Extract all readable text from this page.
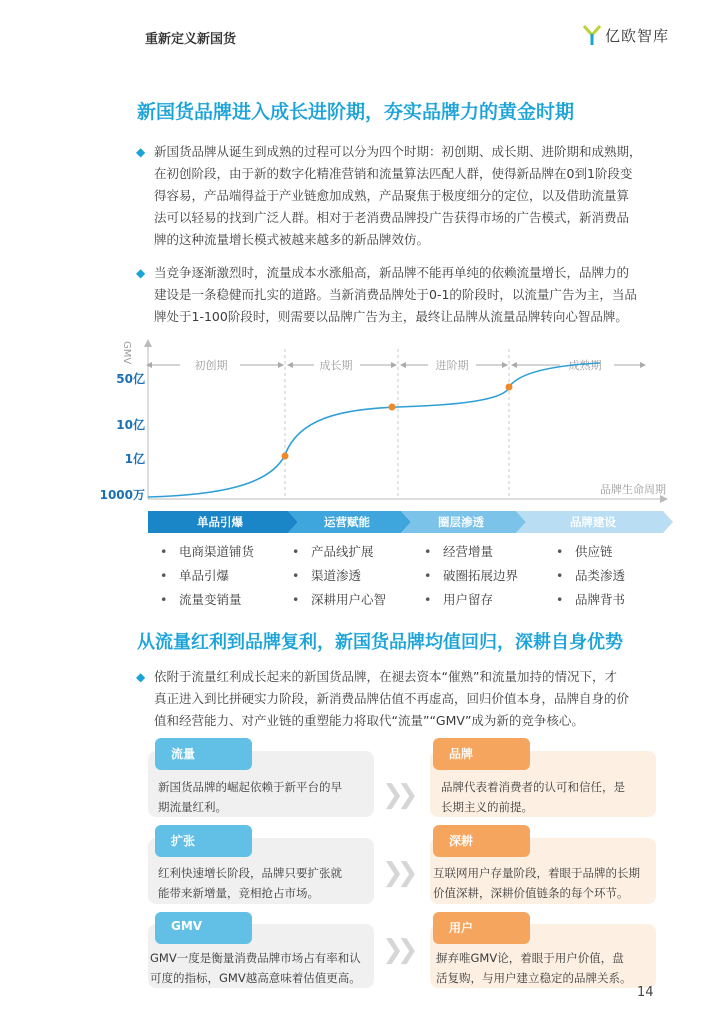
重新定义新国货	亿欧智库
新国货品牌进入成长进阶期，夯实品牌力的黄金时期
◆ 新国货品牌从诞生到成熟的过程可以分为四个时期：初创期、成长期、进阶期和成熟期，
在初创阶段，由于新的数字化精准营销和流量算法匹配人群，使得新品牌在0到1阶段变
得容易，产品端得益于产业链愈加成熟，产品聚焦于极度细分的定位，以及借助流量算
法可以轻易的找到广泛人群。相对于老消费品牌投广告获得市场的广告模式，新消费品
牌的这种流量增长模式被越来越多的新品牌效仿。
◆ 当竞争逐渐激烈时，流量成本水涨船高，新品牌不能再单纯的依赖流量增长，品牌力的
建设是一条稳健而扎实的道路。当新消费品牌处于0-1的阶段时，以流量广告为主，当品
牌处于1-100阶段时，则需要以品牌广告为主，最终让品牌从流量品牌转向心智品牌。
GMV
50亿
10亿
1亿
1000万	品牌生命周期
初创期	成长期	进阶期	成熟期
单品引爆	运营赋能	圈层渗透	品牌建设
• 电商渠道铺货
• 单品引爆
• 流量变销量
• 产品线扩展
• 渠道渗透
• 深耕用户心智
• 经营增量
• 破圈拓展边界
• 用户留存
• 供应链
• 品类渗透
• 品牌背书
从流量红利到品牌复利，新国货品牌均值回归，深耕自身优势
◆ 依附于流量红利成长起来的新国货品牌，在褪去资本“催熟”和流量加持的情况下，才
真正进入到比拼硬实力阶段，新消费品牌估值不再虚高，回归价值本身，品牌自身的价
值和经营能力、对产业链的重塑能力将取代“流量”“GMV”成为新的竞争核心。
流量
新国货品牌的崛起依赖于新平台的早
期流量红利。	❯❯
品牌
品牌代表着消费者的认可和信任，是
长期主义的前提。
扩张
红利快速增长阶段，品牌只要扩张就
能带来新增量，竞相抢占市场。
❯❯
深耕
互联网用户存量阶段，着眼于品牌的长期
价值深耕，深耕价值链条的每个环节。
GMV
GMV一度是衡量消费品牌市场占有率和认
可度的指标，GMV越高意味着估值更高。
❯❯
用户
摒弃唯GMV论，着眼于用户价值，盘
活复购，与用户建立稳定的品牌关系。
14
